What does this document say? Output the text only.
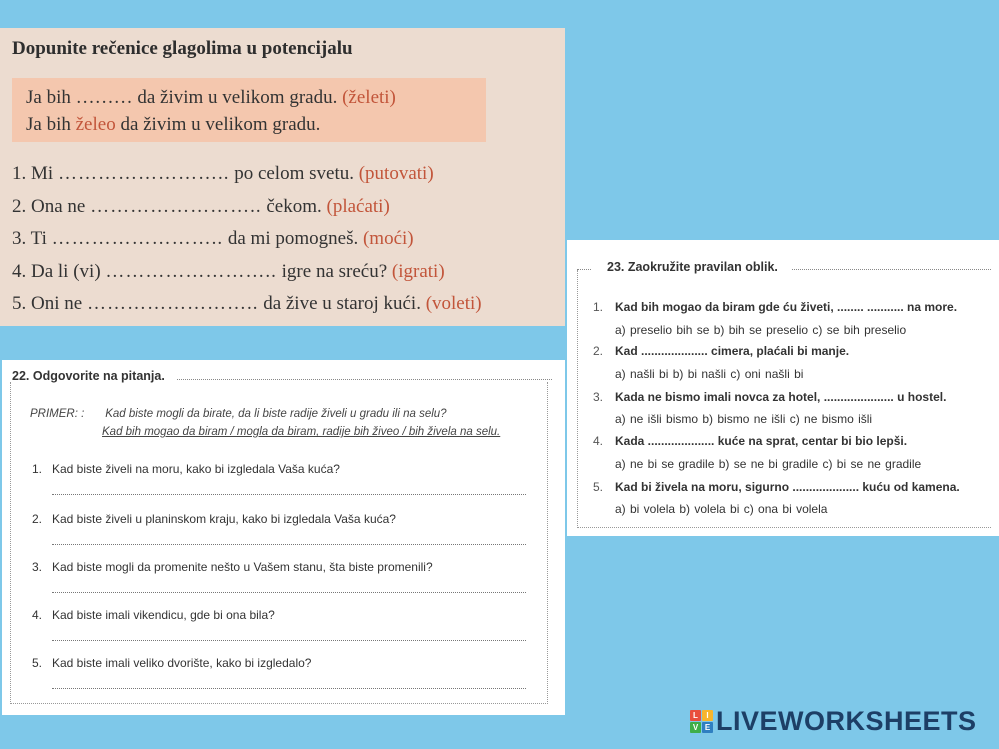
Dopunite rečenice glagolima u potencijalu
Ja bih ……… da živim u velikom gradu. (želeti)
Ja bih želeo da živim u velikom gradu.
1. Mi …………………….. po celom svetu. (putovati)
2. Ona ne …………………….. čekom. (plaćati)
3. Ti …………………….. da mi pomogneš. (moći)
4. Da li (vi) …………………….. igre na sreću? (igrati)
5. Oni ne …………………….. da žive u staroj kući. (voleti)
22. Odgovorite na pitanja.
PRIMER: : Kad biste mogli da birate, da li biste radije živeli u gradu ili na selu?
Kad bih mogao da biram / mogla da biram, radije bih živeo / bih živela na selu.
1. Kad biste živeli na moru, kako bi izgledala Vaša kuća?
2. Kad biste živeli u planinskom kraju, kako bi izgledala Vaša kuća?
3. Kad biste mogli da promenite nešto u Vašem stanu, šta biste promenili?
4. Kad biste imali vikendicu, gde bi ona bila?
5. Kad biste imali veliko dvorište, kako bi izgledalo?
23. Zaokružite pravilan oblik.
1. Kad bih mogao da biram gde ću živeti, ........ ........... na more.
a) preselio bih se b) bih se preselio c) se bih preselio
2. Kad .................... cimera, plaćali bi manje.
a) našli bi b) bi našli c) oni našli bi
3. Kada ne bismo imali novca za hotel, ..................... u hostel.
a) ne išli bismo b) bismo ne išli c) ne bismo išli
4. Kada .................... kuće na sprat, centar bi bio lepši.
a) ne bi se gradile b) se ne bi gradile c) bi se ne gradile
5. Kad bi živela na moru, sigurno .................... kuću od kamena.
a) bi volela b) volela bi c) ona bi volela
L	I
V E LIVEWORKSHEETS
